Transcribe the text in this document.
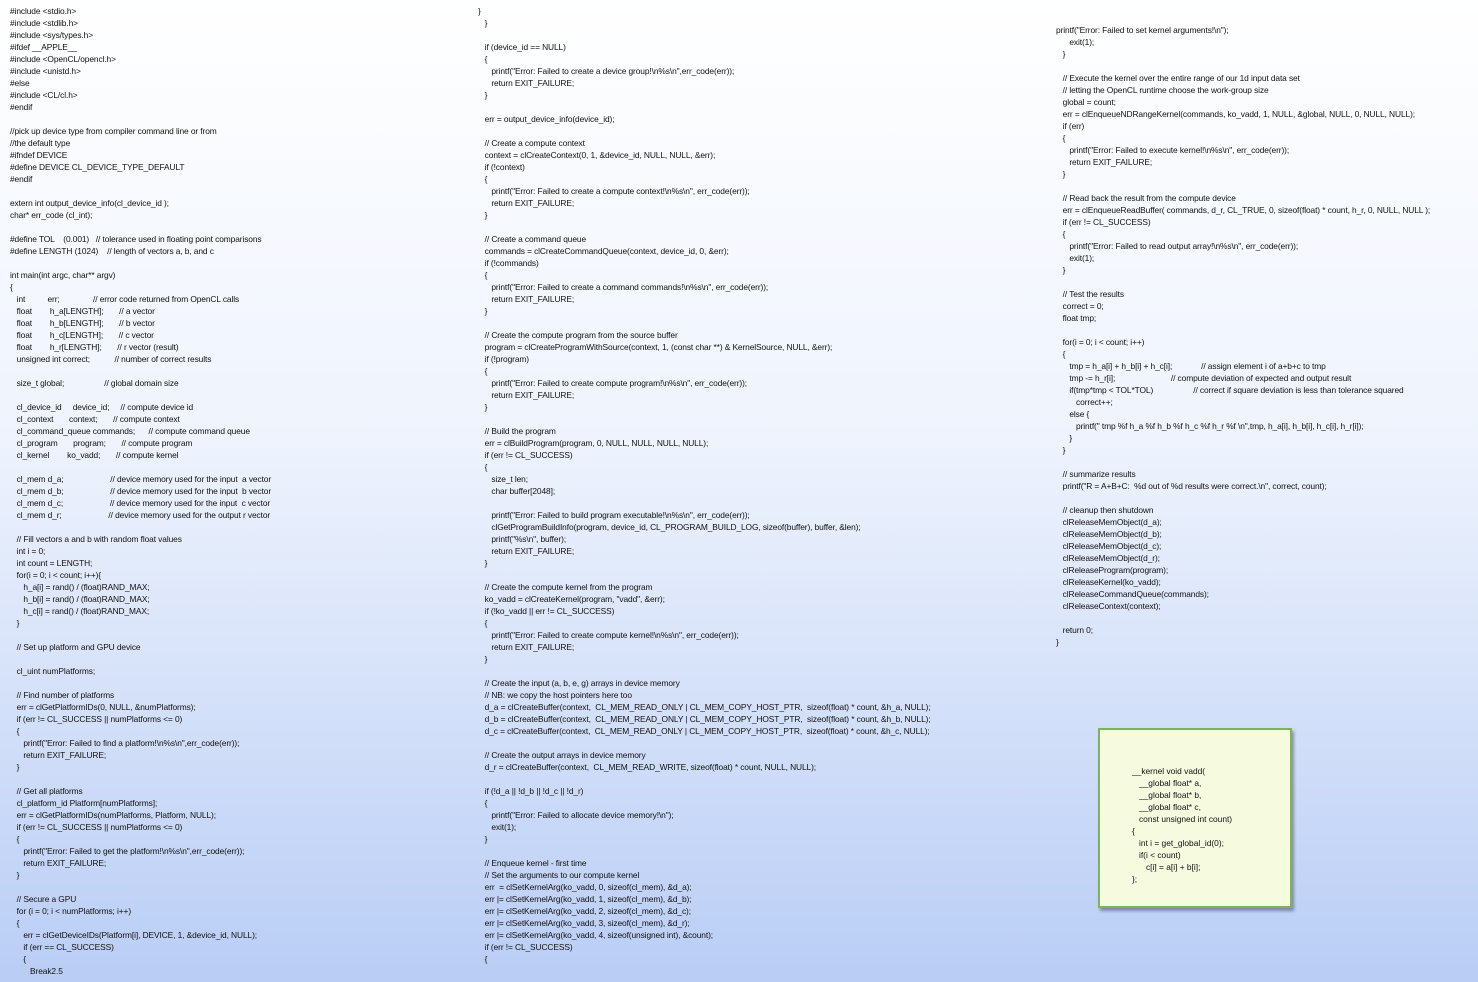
#include <stdio.h>
#include <stdlib.h>
#include <sys/types.h>
#ifdef __APPLE__
#include <OpenCL/opencl.h>
#include <unistd.h>
#else
#include <CL/cl.h>
#endif
//pick up device type from compiler command line or from
//the default type
#ifndef DEVICE
#define DEVICE CL_DEVICE_TYPE_DEFAULT
#endif
extern int output_device_info(cl_device_id );
char* err_code (cl_int);
#define TOL    (0.001)   // tolerance used in floating point comparisons
#define LENGTH (1024)    // length of vectors a, b, and c
int main(int argc, char** argv)
{
int          err;               // error code returned from OpenCL calls
float        h_a[LENGTH];       // a vector
float        h_b[LENGTH];       // b vector
float        h_c[LENGTH];       // c vector
float        h_r[LENGTH];       // r vector (result)
unsigned int correct;           // number of correct results
size_t global;                  // global domain size
cl_device_id     device_id;     // compute device id
cl_context       context;       // compute context
cl_command_queue commands;      // compute command queue
cl_program       program;       // compute program
cl_kernel        ko_vadd;       // compute kernel
cl_mem d_a;                     // device memory used for the input  a vector
cl_mem d_b;                     // device memory used for the input  b vector
cl_mem d_c;                     // device memory used for the input  c vector
cl_mem d_r;                     // device memory used for the output r vector
// Fill vectors a and b with random float values
int i = 0;
int count = LENGTH;
for(i = 0; i < count; i++){
h_a[i] = rand() / (float)RAND_MAX;
h_b[i] = rand() / (float)RAND_MAX;
h_c[i] = rand() / (float)RAND_MAX;
}
// Set up platform and GPU device
cl_uint numPlatforms;
// Find number of platforms
err = clGetPlatformIDs(0, NULL, &numPlatforms);
if (err != CL_SUCCESS || numPlatforms <= 0)
{
printf("Error: Failed to find a platform!\n%s\n",err_code(err));
return EXIT_FAILURE;
}
// Get all platforms
cl_platform_id Platform[numPlatforms];
err = clGetPlatformIDs(numPlatforms, Platform, NULL);
if (err != CL_SUCCESS || numPlatforms <= 0)
{
printf("Error: Failed to get the platform!\n%s\n",err_code(err));
return EXIT_FAILURE;
}
// Secure a GPU
for (i = 0; i < numPlatforms; i++)
{
err = clGetDeviceIDs(Platform[i], DEVICE, 1, &device_id, NULL);
if (err == CL_SUCCESS)
{
Break2.5
}
}
if (device_id == NULL)
{
printf("Error: Failed to create a device group!\n%s\n",err_code(err));
return EXIT_FAILURE;
}
err = output_device_info(device_id);
// Create a compute context
context = clCreateContext(0, 1, &device_id, NULL, NULL, &err);
if (!context)
{
printf("Error: Failed to create a compute context!\n%s\n", err_code(err));
return EXIT_FAILURE;
}
// Create a command queue
commands = clCreateCommandQueue(context, device_id, 0, &err);
if (!commands)
{
printf("Error: Failed to create a command commands!\n%s\n", err_code(err));
return EXIT_FAILURE;
}
// Create the compute program from the source buffer
program = clCreateProgramWithSource(context, 1, (const char **) & KernelSource, NULL, &err);
if (!program)
{
printf("Error: Failed to create compute program!\n%s\n", err_code(err));
return EXIT_FAILURE;
}
// Build the program
err = clBuildProgram(program, 0, NULL, NULL, NULL, NULL);
if (err != CL_SUCCESS)
{
size_t len;
char buffer[2048];
printf("Error: Failed to build program executable!\n%s\n", err_code(err));
clGetProgramBuildInfo(program, device_id, CL_PROGRAM_BUILD_LOG, sizeof(buffer), buffer, &len);
printf("%s\n", buffer);
return EXIT_FAILURE;
}
// Create the compute kernel from the program
ko_vadd = clCreateKernel(program, "vadd", &err);
if (!ko_vadd || err != CL_SUCCESS)
{
printf("Error: Failed to create compute kernel!\n%s\n", err_code(err));
return EXIT_FAILURE;
}
// Create the input (a, b, e, g) arrays in device memory
// NB: we copy the host pointers here too
d_a = clCreateBuffer(context,  CL_MEM_READ_ONLY | CL_MEM_COPY_HOST_PTR,  sizeof(float) * count, &h_a, NULL);
d_b = clCreateBuffer(context,  CL_MEM_READ_ONLY | CL_MEM_COPY_HOST_PTR,  sizeof(float) * count, &h_b, NULL);
d_c = clCreateBuffer(context,  CL_MEM_READ_ONLY | CL_MEM_COPY_HOST_PTR,  sizeof(float) * count, &h_c, NULL);
// Create the output arrays in device memory
d_r = clCreateBuffer(context,  CL_MEM_READ_WRITE, sizeof(float) * count, NULL, NULL);
if (!d_a || !d_b || !d_c || !d_r)
{
printf("Error: Failed to allocate device memory!\n");
exit(1);
}
// Enqueue kernel - first time
// Set the arguments to our compute kernel
err  = clSetKernelArg(ko_vadd, 0, sizeof(cl_mem), &d_a);
err |= clSetKernelArg(ko_vadd, 1, sizeof(cl_mem), &d_b);
err |= clSetKernelArg(ko_vadd, 2, sizeof(cl_mem), &d_c);
err |= clSetKernelArg(ko_vadd, 3, sizeof(cl_mem), &d_r);
err |= clSetKernelArg(ko_vadd, 4, sizeof(unsigned int), &count);
if (err != CL_SUCCESS)
{
printf("Error: Failed to set kernel arguments!\n");
exit(1);
}
// Execute the kernel over the entire range of our 1d input data set
// letting the OpenCL runtime choose the work-group size
global = count;
err = clEnqueueNDRangeKernel(commands, ko_vadd, 1, NULL, &global, NULL, 0, NULL, NULL);
if (err)
{
printf("Error: Failed to execute kernel!\n%s\n", err_code(err));
return EXIT_FAILURE;
}
// Read back the result from the compute device
err = clEnqueueReadBuffer( commands, d_r, CL_TRUE, 0, sizeof(float) * count, h_r, 0, NULL, NULL );
if (err != CL_SUCCESS)
{
printf("Error: Failed to read output array!\n%s\n", err_code(err));
exit(1);
}
// Test the results
correct = 0;
float tmp;
for(i = 0; i < count; i++)
{
tmp = h_a[i] + h_b[i] + h_c[i];             // assign element i of a+b+c to tmp
tmp -= h_r[i];                         // compute deviation of expected and output result
if(tmp*tmp < TOL*TOL)                  // correct if square deviation is less than tolerance squared
correct++;
else {
printf(" tmp %f h_a %f h_b %f h_c %f h_r %f \n",tmp, h_a[i], h_b[i], h_c[i], h_r[i]);
}
}
// summarize results
printf("R = A+B+C:  %d out of %d results were correct.\n", correct, count);
// cleanup then shutdown
clReleaseMemObject(d_a);
clReleaseMemObject(d_b);
clReleaseMemObject(d_c);
clReleaseMemObject(d_r);
clReleaseProgram(program);
clReleaseKernel(ko_vadd);
clReleaseCommandQueue(commands);
clReleaseContext(context);
return 0;
}
__kernel void vadd(
__global float* a,
__global float* b,
__global float* c,
const unsigned int count)
{
int i = get_global_id(0);
if(i < count)
c[i] = a[i] + b[i];
};
